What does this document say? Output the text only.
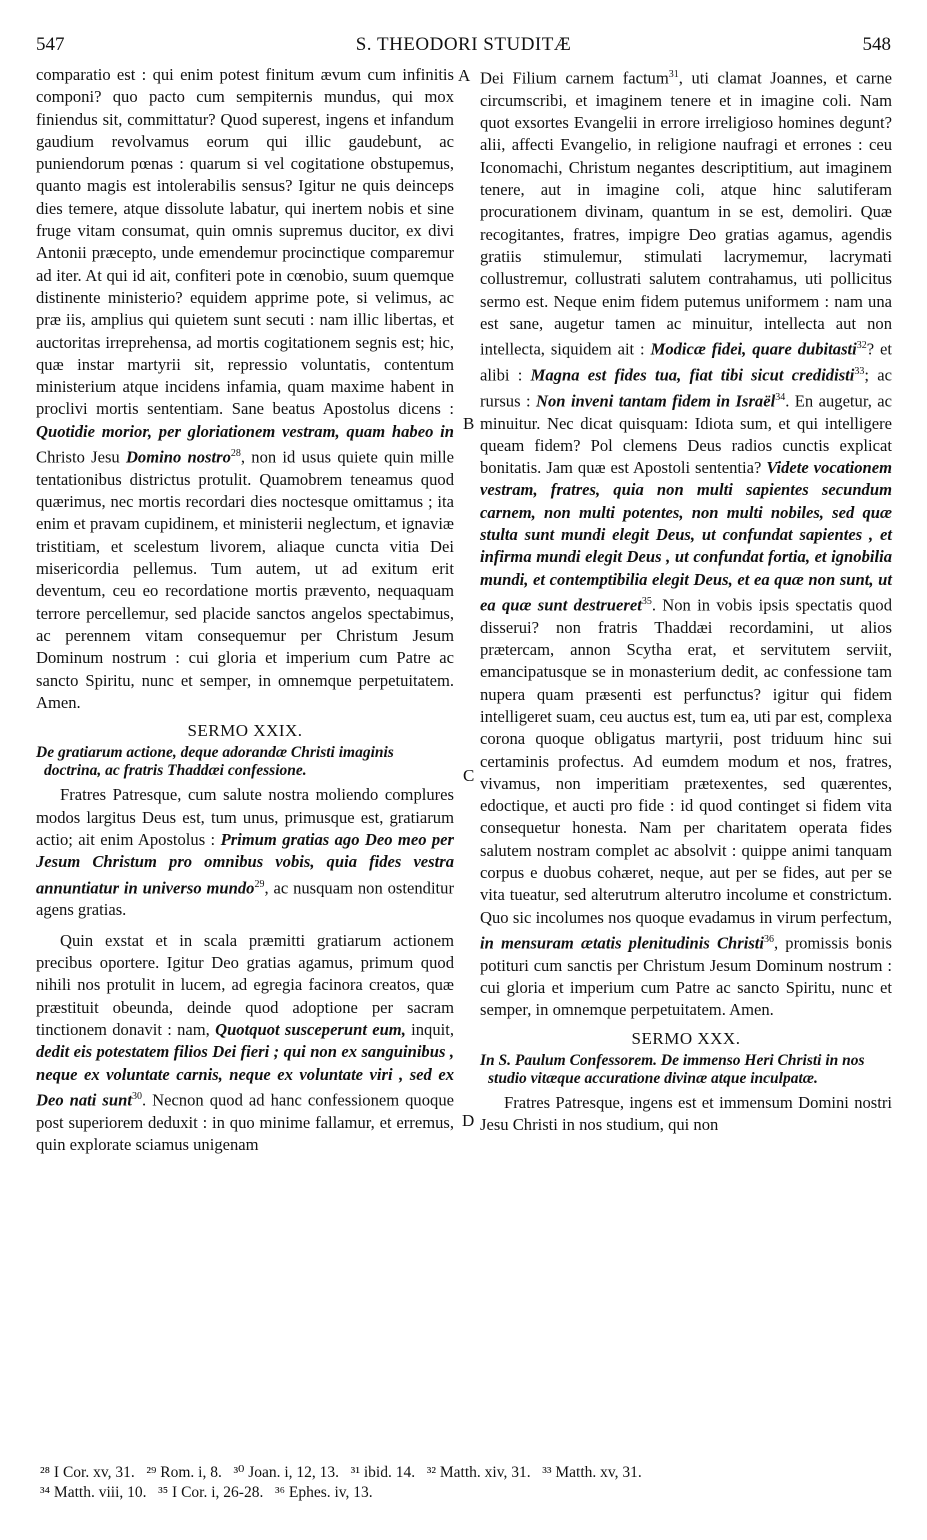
547	S. THEODORI STUDITÆ	548
A
B
C
D

comparatio est : qui enim potest finitum ævum cum infinitis componi? quo pacto cum sempiternis mundus, qui mox finiendus sit, committatur? Quod superest, ingens et infandum gaudium revolvamus eorum qui illic gaudebunt, ac puniendorum pœnas : quarum si vel cogitatione obstupemus, quanto magis est intolerabilis sensus? Igitur ne quis deinceps dies temere, atque dissolute labatur, qui inertem nobis et sine fruge vitam consumat, quin omnis supremus ducitor, ex divi Antonii præcepto, unde emendemur procinctique comparemur ad iter. At qui id ait, confiteri pote in cœnobio, suum quemque distinente ministerio? equidem apprime pote, si velimus, ac præ iis, amplius qui quietem sunt secuti : nam illic libertas, et auctoritas irreprehensa, ad mortis cogitationem segnis est; hic, quæ instar martyrii sit, repressio voluntatis, contentum ministerium atque incidens infamia, quam maxime habent in proclivi mortis sententiam. Sane beatus Apostolus dicens : Quotidie morior, per gloriationem vestram, quam habeo in Christo Jesu Domino nostro$^{28}$, non id usus quiete quin mille tentationibus districtus protulit. Quamobrem teneamus quod quærimus, nec mortis recordari dies noctesque omittamus ; ita enim et pravam cupidinem, et ministerii neglectum, et ignaviæ tristitiam, et scelestum livorem, aliaque cuncta vitia Dei misericordia pellemus. Tum autem, ut ad exitum erit deventum, ceu eo recordatione mortis prævento, nequaquam terrore percellemur, sed placide sanctos angelos spectabimus, ac perennem vitam consequemur per Christum Jesum Dominum nostrum : cui gloria et imperium cum Patre ac sancto Spiritu, nunc et semper, in omnemque perpetuitatem. Amen.

SERMO XXIX.
De gratiarum actione, deque adorandæ Christi imaginis doctrina, ac fratris Thaddæi confessione.

Fratres Patresque, cum salute nostra moliendo complures modos largitus Deus est, tum unus, primusque est, gratiarum actio; ait enim Apostolus : Primum gratias ago Deo meo per Jesum Christum pro omnibus vobis, quia fides vestra annuntiatur in universo mundo$^{29}$, ac nusquam non ostenditur agens gratias.

Quin exstat et in scala præmitti gratiarum actionem precibus oportere. Igitur Deo gratias agamus, primum quod nihili nos protulit in lucem, ad egregia facinora creatos, quæ præstituit obeunda, deinde quod adoptione per sacram tinctionem donavit : nam, Quotquot susceperunt eum, inquit, dedit eis potestatem filios Dei fieri ; qui non ex sanguinibus , neque ex voluntate carnis, neque ex voluntate viri , sed ex Deo nati sunt$^{30}$. Necnon quod ad hanc confessionem quoque post superiorem deduxit : in quo minime fallamur, et erremus, quin explorate sciamus unigenam

Dei Filium carnem factum$^{31}$, uti clamat Joannes, et carne circumscribi, et imaginem tenere et in imagine coli. Nam quot exsortes Evangelii in errore irreligioso homines degunt? alii, affecti Evangelio, in religione naufragi et errones : ceu Iconomachi, Christum negantes descriptitium, aut imaginem tenere, aut in imagine coli, atque hinc salutiferam procurationem divinam, quantum in se est, demoliri. Quæ recogitantes, fratres, impigre Deo gratias agamus, agendis gratiis stimulemur, stimulati lacrymemur, lacrymati collustremur, collustrati salutem contrahamus, uti pollicitus sermo est. Neque enim fidem putemus uniformem : nam una est sane, augetur tamen ac minuitur, intellecta aut non intellecta, siquidem ait : Modicæ fidei, quare dubitasti$^{32}$? et alibi : Magna est fides tua, fiat tibi sicut credidisti$^{33}$; ac rursus : Non inveni tantam fidem in Israël$^{34}$. En augetur, ac minuitur. Nec dicat quisquam: Idiota sum, et qui intelligere queam fidem? Pol clemens Deus radios cunctis explicat bonitatis. Jam quæ est Apostoli sententia? Videte vocationem vestram, fratres, quia non multi sapientes secundum carnem, non multi potentes, non multi nobiles, sed quæ stulta sunt mundi elegit Deus, ut confundat sapientes , et infirma mundi elegit Deus , ut confundat fortia, et ignobilia mundi, et contemptibilia elegit Deus, et ea quæ non sunt, ut ea quæ sunt destrueret$^{35}$. Non in vobis ipsis spectatis quod disserui? non fratris Thaddæi recordamini, ut alios prætercam, annon Scytha erat, et servitutem serviit, emancipatusque se in monasterium dedit, ac confessione tam nupera quam præsenti est perfunctus? igitur qui fidem intelligeret suam, ceu auctus est, tum ea, uti par est, complexa corona quoque obligatus martyrii, post triduum hinc sui certaminis profectus. Ad eumdem modum et nos, fratres, vivamus, non imperitiam prætexentes, sed quærentes, edoctique, et aucti pro fide : id quod continget si fidem vita consequetur honesta. Nam per charitatem operata fides salutem nostram complet ac absolvit : quippe animi tanquam corpus e duobus cohæret, neque, aut per se fides, aut per se vita tueatur, sed alterutrum alterutro incolume et constrictum. Quo sic incolumes nos quoque evadamus in virum perfectum, in mensuram ætatis plenitudinis Christi$^{36}$, promissis bonis potituri cum sanctis per Christum Jesum Dominum nostrum : cui gloria et imperium cum Patre ac sancto Spiritu, nunc et semper, in omnemque perpetuitatem. Amen.

SERMO XXX.
In S. Paulum Confessorem. De immenso Heri Christi in nos studio vitæque accuratione divinæ atque inculpatæ.

Fratres Patresque, ingens est et immensum Domini nostri Jesu Christi in nos studium, qui non

²⁸ I Cor. xv, 31.   ²⁹ Rom. i, 8.   ³⁰ Joan. i, 12, 13.   ³¹ ibid. 14.   ³² Matth. xiv, 31.   ³³ Matth. xv, 31.
³⁴ Matth. viii, 10.   ³⁵ I Cor. i, 26-28.   ³⁶ Ephes. iv, 13.
